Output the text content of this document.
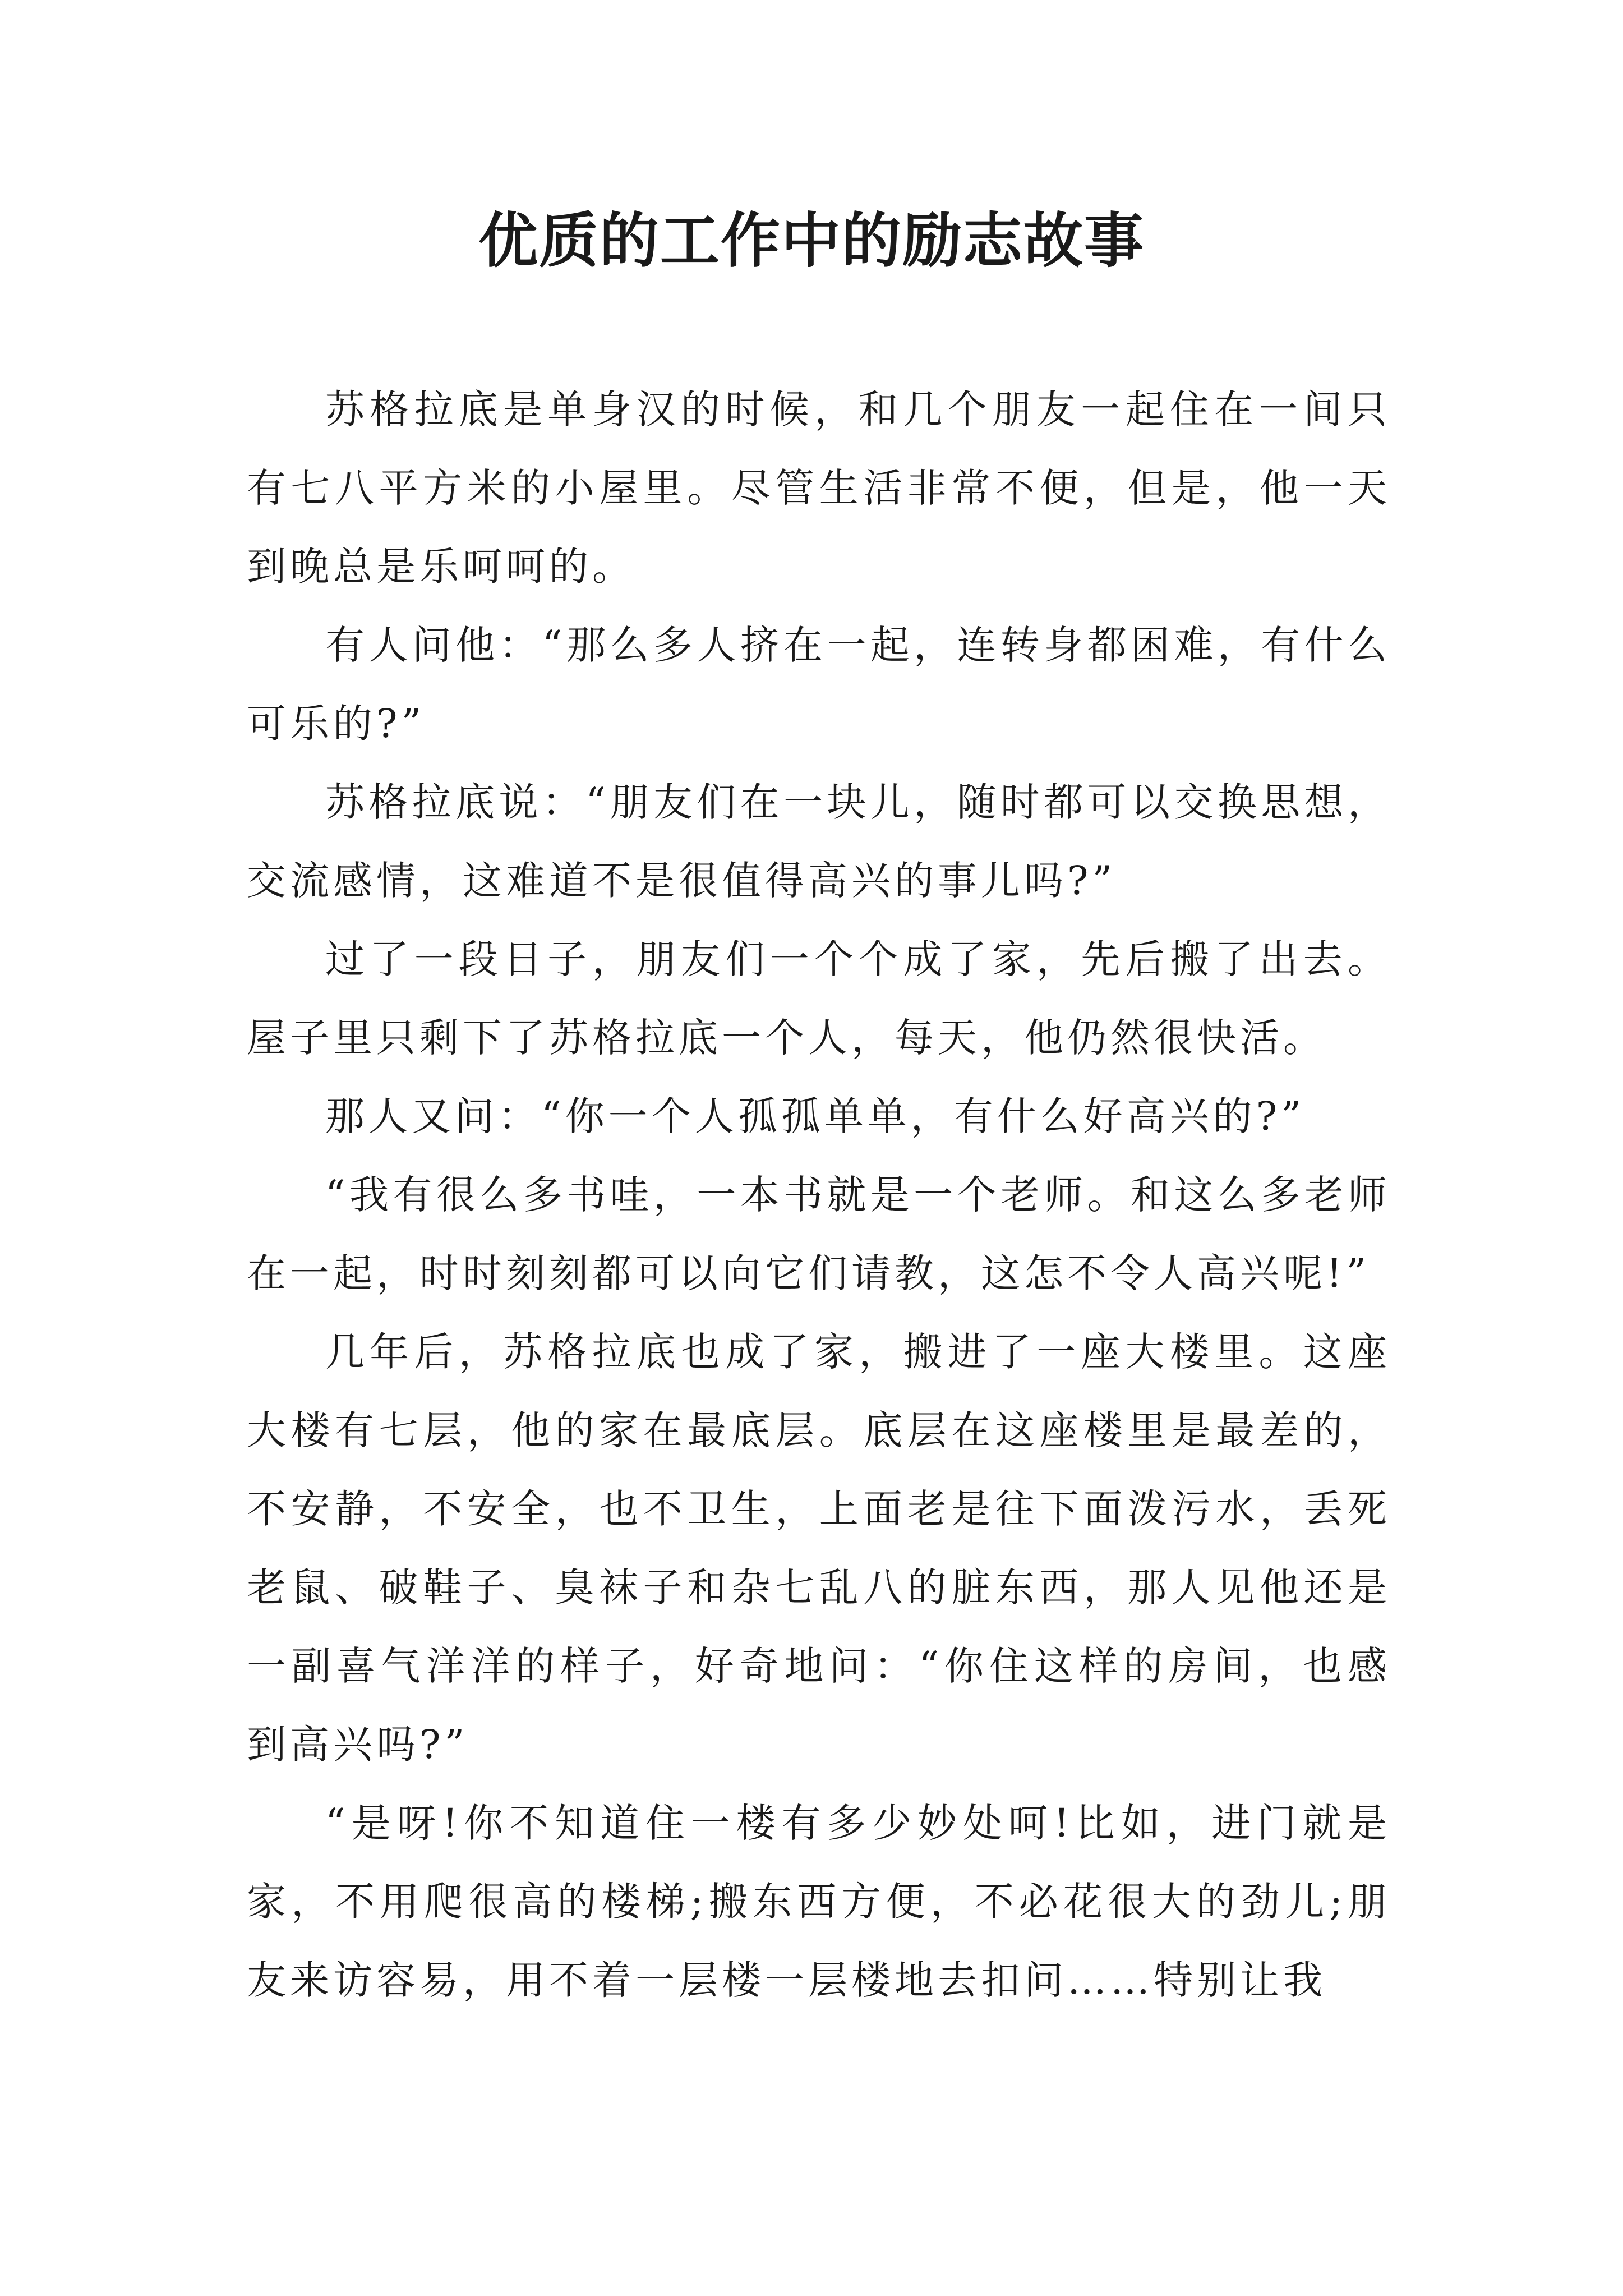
优质的工作中的励志故事

苏格拉底是单身汉的时候，和几个朋友一起住在一间只有七八平方米的小屋里。尽管生活非常不便，但是，他一天到晚总是乐呵呵的。

有人问他：“那么多人挤在一起，连转身都困难，有什么可乐的?”

苏格拉底说：“朋友们在一块儿，随时都可以交换思想，交流感情，这难道不是很值得高兴的事儿吗?”

过了一段日子，朋友们一个个成了家，先后搬了出去。屋子里只剩下了苏格拉底一个人，每天，他仍然很快活。

那人又问：“你一个人孤孤单单，有什么好高兴的?”

“我有很么多书哇，一本书就是一个老师。和这么多老师在一起，时时刻刻都可以向它们请教，这怎不令人高兴呢!”

几年后，苏格拉底也成了家，搬进了一座大楼里。这座大楼有七层，他的家在最底层。底层在这座楼里是最差的，不安静，不安全，也不卫生，上面老是往下面泼污水，丢死老鼠、破鞋子、臭袜子和杂七乱八的脏东西，那人见他还是一副喜气洋洋的样子，好奇地问：“你住这样的房间，也感到高兴吗?”

“是呀!你不知道住一楼有多少妙处呵!比如，进门就是家，不用爬很高的楼梯;搬东西方便，不必花很大的劲儿;朋友来访容易，用不着一层楼一层楼地去扣问……特别让我
